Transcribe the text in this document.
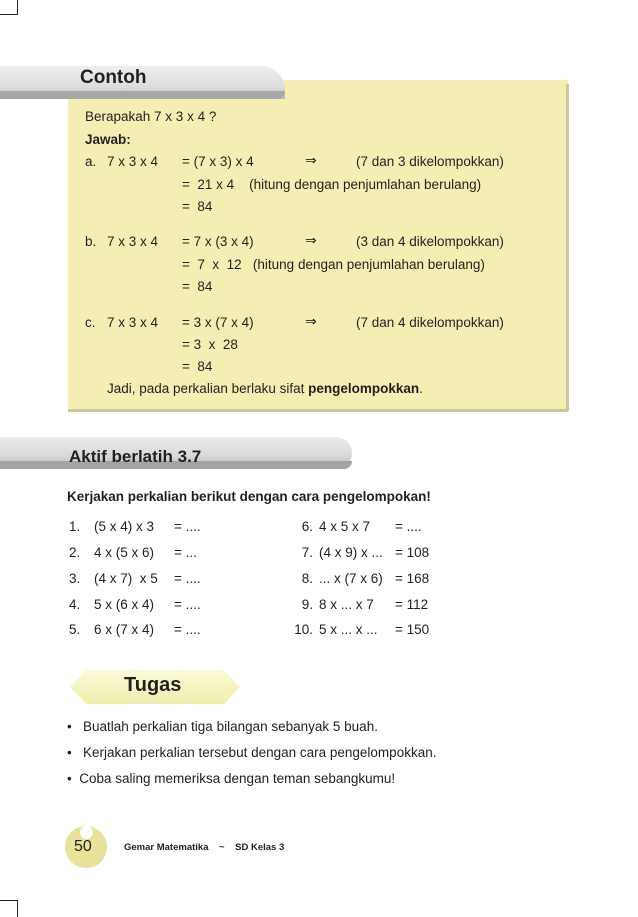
Contoh
Berapakah 7 x 3 x 4 ?
Jawab:
a. 7 x 3 x 4 = (7 x 3) x 4	⇒	(7 dan 3 dikelompokkan)
=  21 x 4    (hitung dengan penjumlahan berulang)
=  84
b. 7 x 3 x 4 = 7 x (3 x 4)	⇒	(3 dan 4 dikelompokkan)
=  7  x  12   (hitung dengan penjumlahan berulang)
=  84
c. 7 x 3 x 4 = 3 x (7 x 4)	⇒	(7 dan 4 dikelompokkan)
= 3  x  28
=  84
Jadi, pada perkalian berlaku sifat pengelompokkan.
Aktif berlatih 3.7
Kerjakan perkalian berikut dengan cara pengelompokan!
Tugas
•   Buatlah perkalian tiga bilangan sebanyak 5 buah.
•   Kerjakan perkalian tersebut dengan cara pengelompokkan.
•  Coba saling memeriksa dengan teman sebangkumu!
50	Gemar Matematika    ~    SD Kelas 3
1. (5 x 4) x 3 = ....
2. 4 x (5 x 6) = ...
3. (4 x 7)  x 5 = ....
4. 5 x (6 x 4) = ....
5. 6 x (7 x 4) = ....
6. 4 x 5 x 7 = ....
7. (4 x 9) x ... = 108
8. ... x (7 x 6) = 168
9. 8 x ... x 7 = 112
10. 5 x ... x ... = 150
